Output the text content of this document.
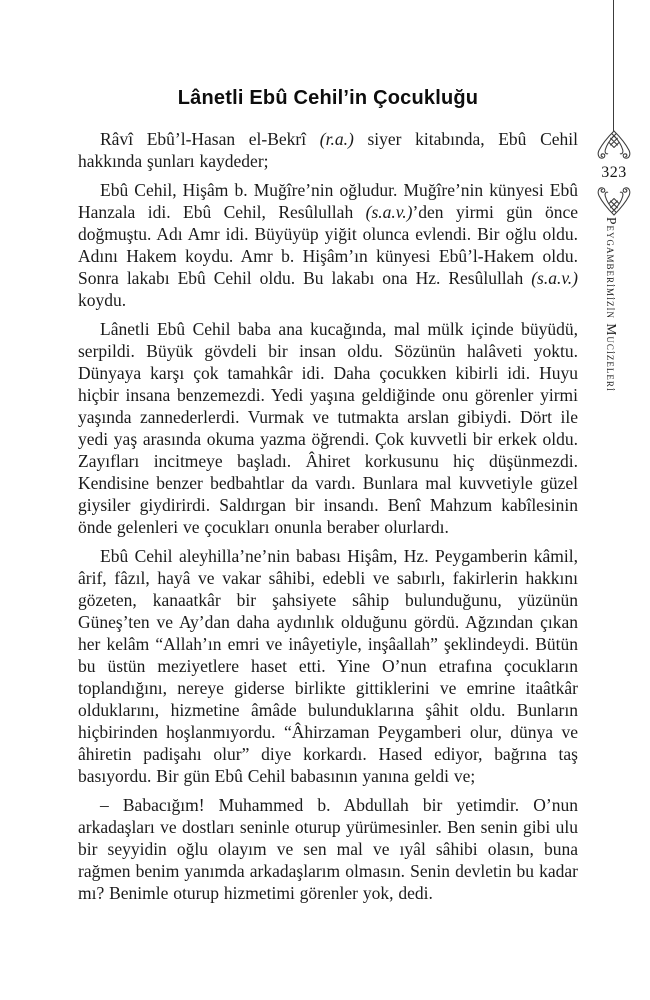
Lânetli Ebû Cehil’in Çocukluğu

Râvî Ebû’l-Hasan el-Bekrî (r.a.) siyer kitabında, Ebû Cehil hakkında şunları kaydeder;

Ebû Cehil, Hişâm b. Muğîre’nin oğludur. Muğîre’nin künyesi Ebû Hanzala idi. Ebû Cehil, Resûlullah (s.a.v.)’den yirmi gün önce doğmuştu. Adı Amr idi. Büyüyüp yiğit olunca evlendi. Bir oğlu oldu. Adını Hakem koydu. Amr b. Hişâm’ın künyesi Ebû’l-Hakem oldu. Sonra lakabı Ebû Cehil oldu. Bu lakabı ona Hz. Resûlullah (s.a.v.) koydu.

Lânetli Ebû Cehil baba ana kucağında, mal mülk içinde büyüdü, serpildi. Büyük gövdeli bir insan oldu. Sözünün halâveti yoktu. Dünyaya karşı çok tamahkâr idi. Daha çocukken kibirli idi. Huyu hiçbir insana benzemezdi. Yedi yaşına geldiğinde onu görenler yirmi yaşında zannederlerdi. Vurmak ve tutmakta arslan gibiydi. Dört ile yedi yaş arasında okuma yazma öğrendi. Çok kuvvetli bir erkek oldu. Zayıfları incitmeye başladı. Âhiret korkusunu hiç düşünmezdi. Kendisine benzer bedbahtlar da vardı. Bunlara mal kuvvetiyle güzel giysiler giydirirdi. Saldırgan bir insandı. Benî Mahzum kabîlesinin önde gelenleri ve çocukları onunla beraber olurlardı.

Ebû Cehil aleyhilla’ne’nin babası Hişâm, Hz. Peygamberin kâmil, ârif, fâzıl, hayâ ve vakar sâhibi, edebli ve sabırlı, fakirlerin hakkını gözeten, kanaatkâr bir şahsiyete sâhip bulunduğunu, yüzünün Güneş’ten ve Ay’dan daha aydınlık olduğunu gördü. Ağzından çıkan her kelâm “Allah’ın emri ve inâyetiyle, inşâallah” şeklindeydi. Bütün bu üstün meziyetlere haset etti. Yine O’nun etrafına çocukların toplandığını, nereye giderse birlikte gittiklerini ve emrine itaâtkâr olduklarını, hizmetine âmâde bulunduklarına şâhit oldu. Bunların hiçbirinden hoşlanmıyordu. “Âhirzaman Peygamberi olur, dünya ve âhiretin padişahı olur” diye korkardı. Hased ediyor, bağrına taş basıyordu. Bir gün Ebû Cehil babasının yanına geldi ve;

– Babacığım! Muhammed b. Abdullah bir yetimdir. O’nun arkadaşları ve dostları seninle oturup yürümesinler. Ben senin gibi ulu bir seyyidin oğlu olayım ve sen mal ve ıyâl sâhibi olasın, buna rağmen benim yanımda arkadaşlarım olmasın. Senin devletin bu kadar mı? Benimle oturup hizmetimi görenler yok, dedi.

323
Peygamberimizin Mucizeleri
